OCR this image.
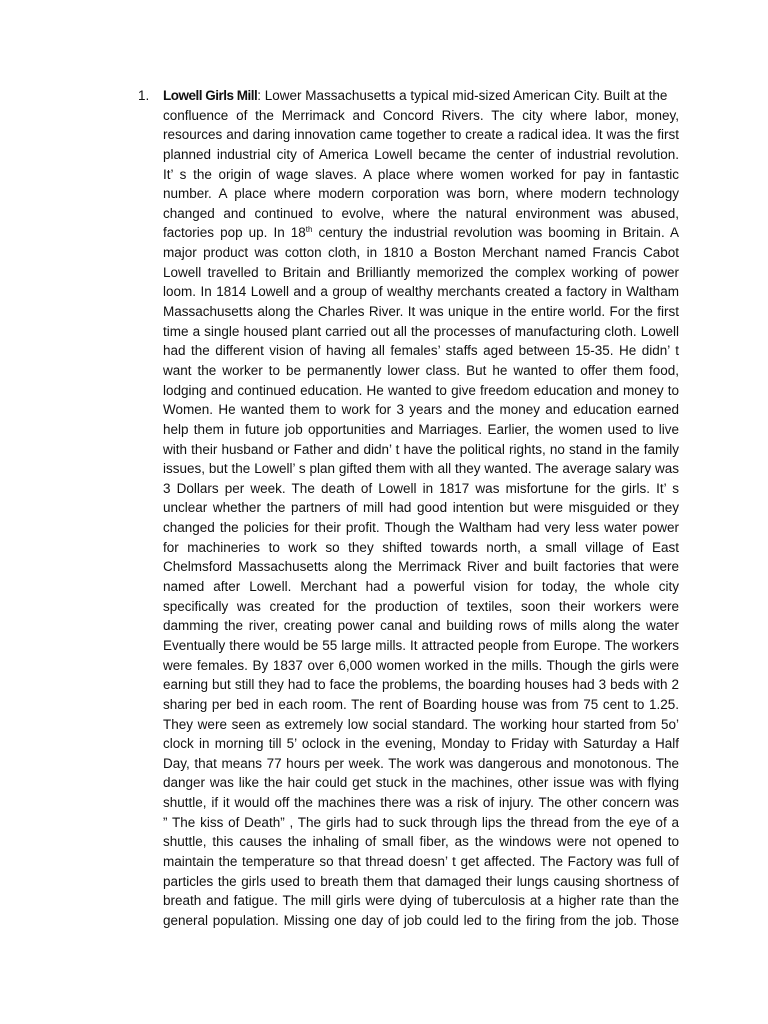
1. Lowell Girls Mill: Lower Massachusetts a typical mid-sized American City. Built at the
confluence of the Merrimack and Concord Rivers. The city where labor, money,
resources and daring innovation came together to create a radical idea. It was the first
planned industrial city of America Lowell became the center of industrial revolution.
It’ s the origin of wage slaves. A place where women worked for pay in fantastic
number. A place where modern corporation was born, where modern technology
changed and continued to evolve, where the natural environment was abused,
factories pop up. In 18th century the industrial revolution was booming in Britain. A
major product was cotton cloth, in 1810 a Boston Merchant named Francis Cabot
Lowell travelled to Britain and Brilliantly memorized the complex working of power
loom. In 1814 Lowell and a group of wealthy merchants created a factory in Waltham
Massachusetts along the Charles River. It was unique in the entire world. For the first
time a single housed plant carried out all the processes of manufacturing cloth. Lowell
had the different vision of having all females’ staffs aged between 15-35. He didn’ t
want the worker to be permanently lower class. But he wanted to offer them food,
lodging and continued education. He wanted to give freedom education and money to
Women. He wanted them to work for 3 years and the money and education earned
help them in future job opportunities and Marriages. Earlier, the women used to live
with their husband or Father and didn’ t have the political rights, no stand in the family
issues, but the Lowell’ s plan gifted them with all they wanted. The average salary was
3 Dollars per week. The death of Lowell in 1817 was misfortune for the girls. It’ s
unclear whether the partners of mill had good intention but were misguided or they
changed the policies for their profit. Though the Waltham had very less water power
for machineries to work so they shifted towards north, a small village of East
Chelmsford Massachusetts along the Merrimack River and built factories that were
named after Lowell. Merchant had a powerful vision for today, the whole city
specifically was created for the production of textiles, soon their workers were
damming the river, creating power canal and building rows of mills along the water
Eventually there would be 55 large mills. It attracted people from Europe. The workers
were females. By 1837 over 6,000 women worked in the mills. Though the girls were
earning but still they had to face the problems, the boarding houses had 3 beds with 2
sharing per bed in each room. The rent of Boarding house was from 75 cent to 1.25.
They were seen as extremely low social standard. The working hour started from 5o’
clock in morning till 5’ oclock in the evening, Monday to Friday with Saturday a Half
Day, that means 77 hours per week. The work was dangerous and monotonous. The
danger was like the hair could get stuck in the machines, other issue was with flying
shuttle, if it would off the machines there was a risk of injury. The other concern was
” The kiss of Death” , The girls had to suck through lips the thread from the eye of a
shuttle, this causes the inhaling of small fiber, as the windows were not opened to
maintain the temperature so that thread doesn’ t get affected. The Factory was full of
particles the girls used to breath them that damaged their lungs causing shortness of
breath and fatigue. The mill girls were dying of tuberculosis at a higher rate than the
general population. Missing one day of job could led to the firing from the job. Those
